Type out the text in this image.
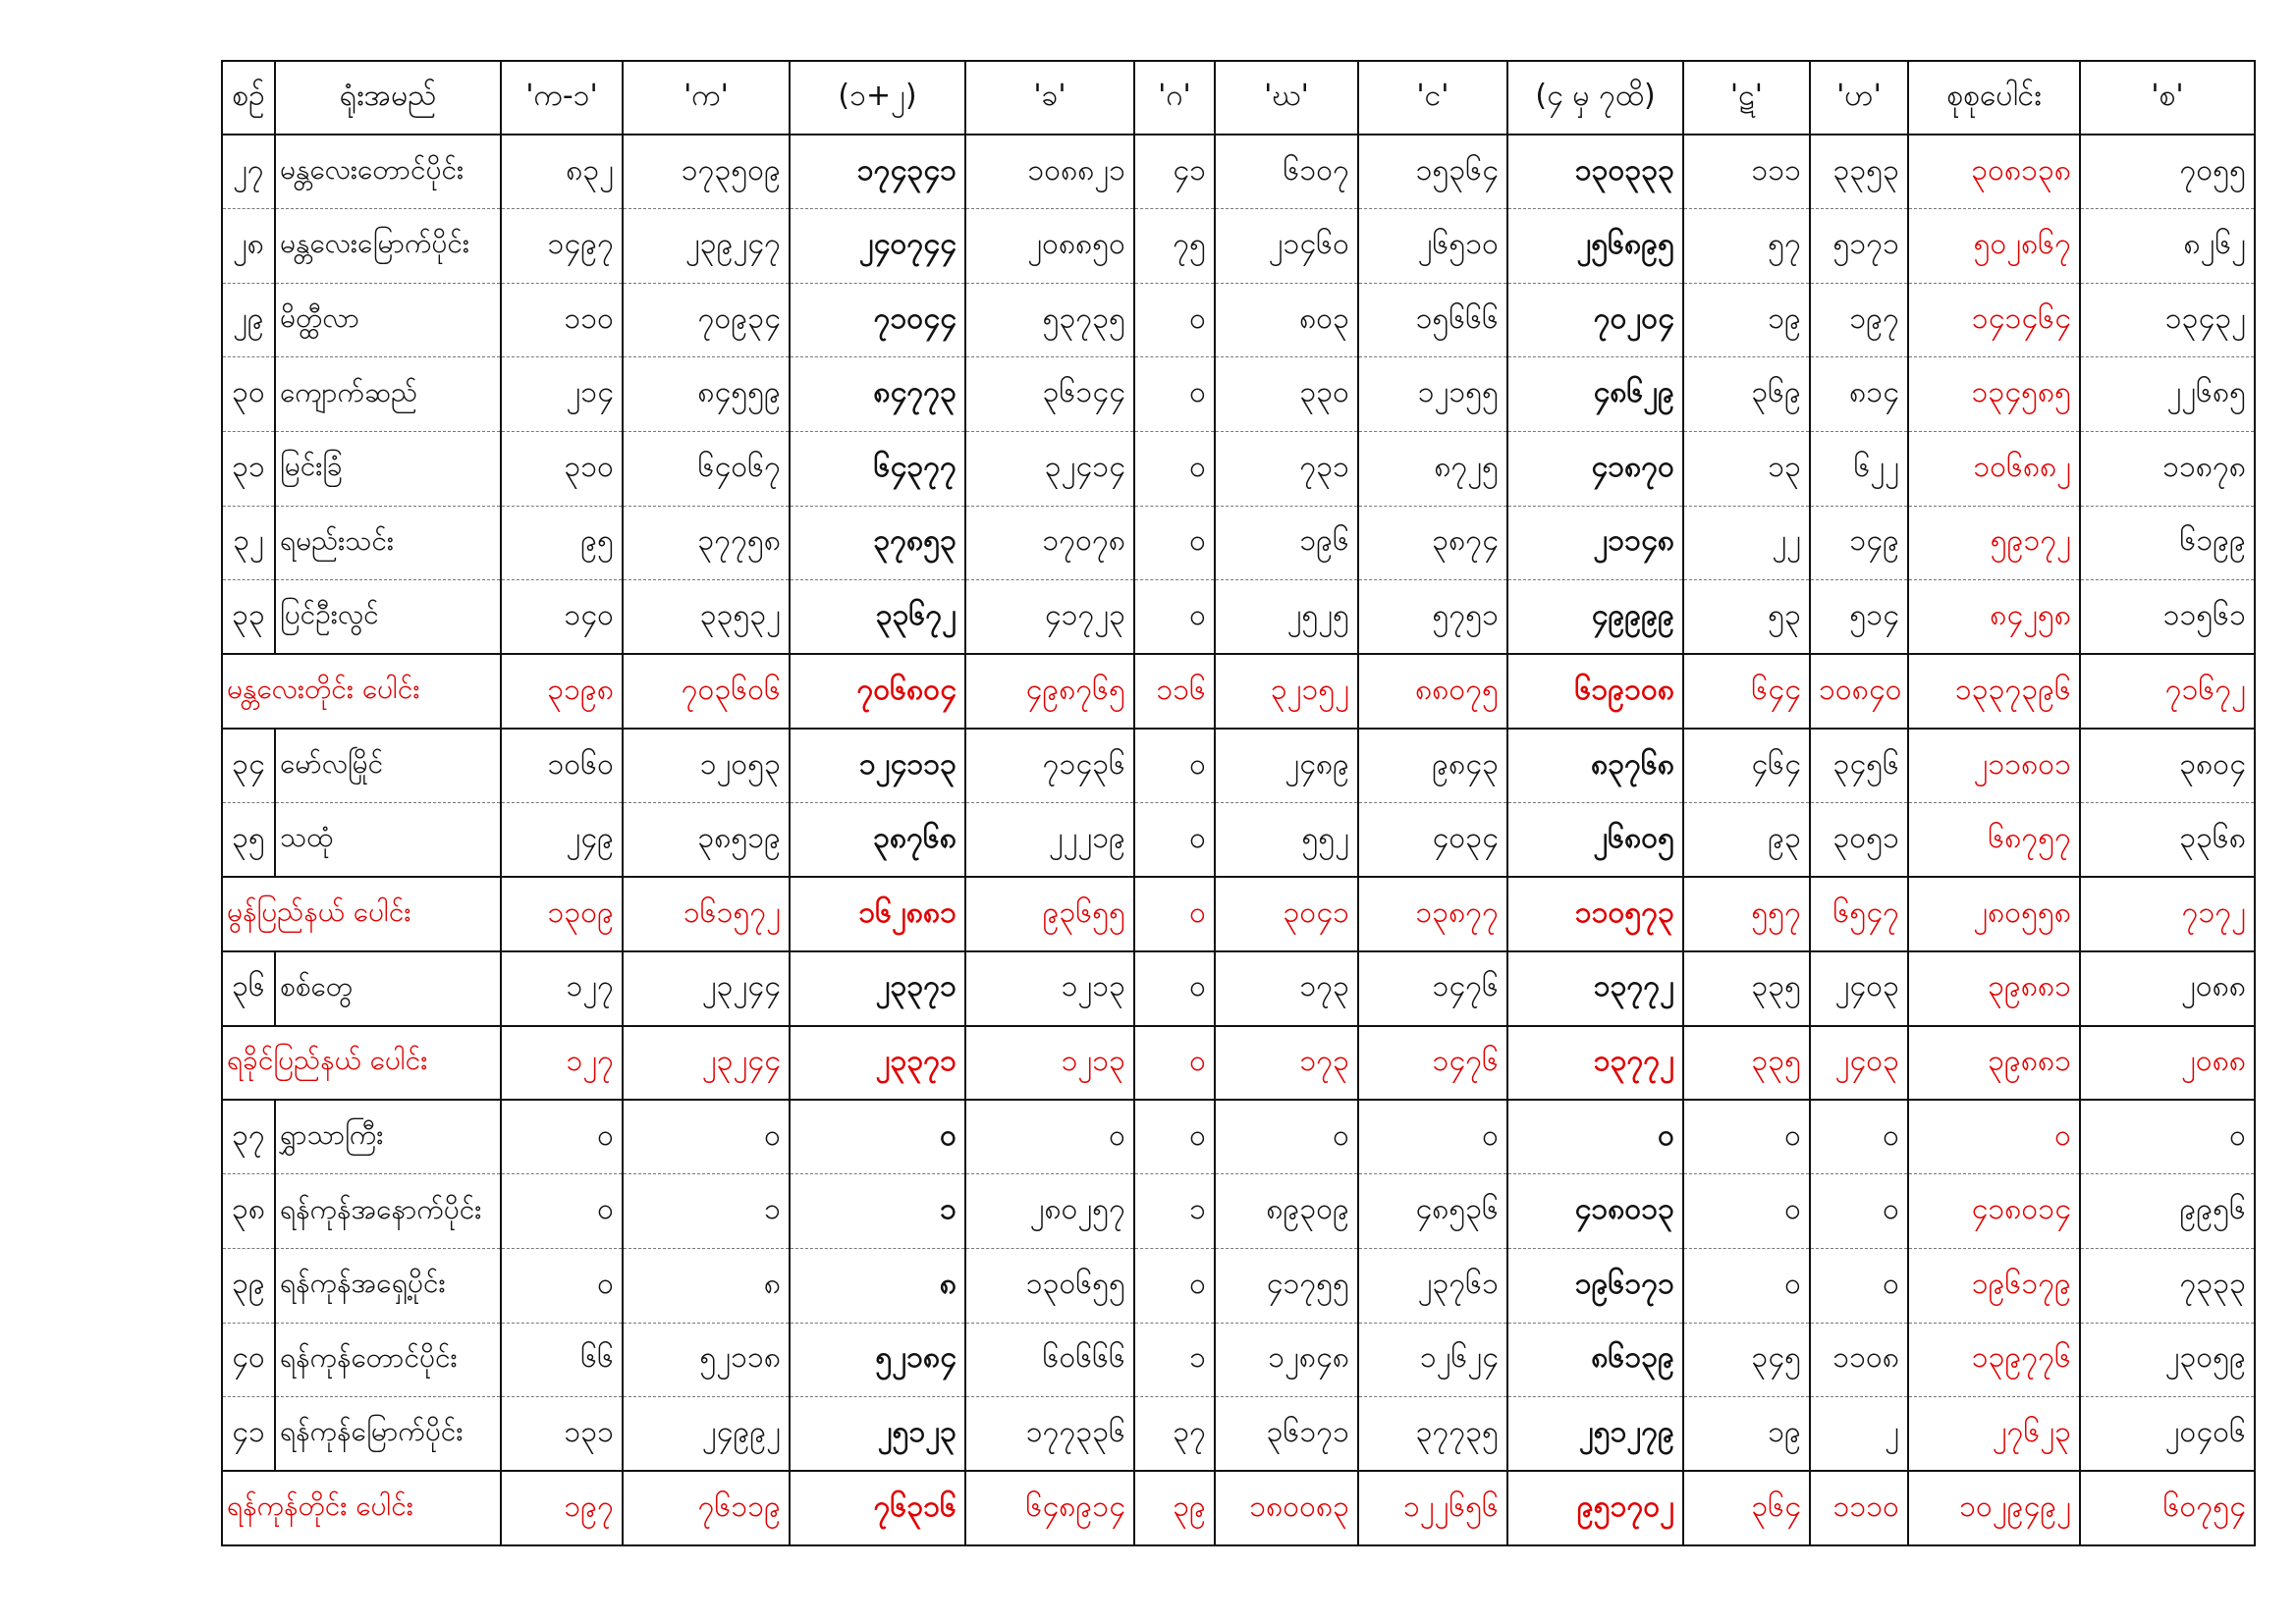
စဉ်	ရုံးအမည်	'က-၁'	'က'	(၁+၂)	'ခ'	'ဂ'	'ဃ'	'င'	(၄ မှ ၇ထိ)	'ဋ'	'ဟ'	စုစုပေါင်း	'စ'
၂၇	မန္တလေးတောင်ပိုင်း	၈၃၂	၁၇၃၅၀၉	၁၇၄၃၄၁	၁၀၈၈၂၁	၄၁	၆၁၀၇	၁၅၃၆၄	၁၃၀၃၃၃	၁၁၁	၃၃၅၃	၃၀၈၁၃၈	၇၀၅၅
၂၈	မန္တလေးမြောက်ပိုင်း	၁၄၉၇	၂၃၉၂၄၇	၂၄၀၇၄၄	၂၀၈၈၅၀	၇၅	၂၁၄၆၀	၂၆၅၁၀	၂၅၆၈၉၅	၅၇	၅၁၇၁	၅၀၂၈၆၇	၈၂၆၂
၂၉	မိတ္ထီလာ	၁၁၀	၇၀၉၃၄	၇၁၀၄၄	၅၃၇၃၅	၀	၈၀၃	၁၅၆၆၆	၇၀၂၀၄	၁၉	၁၉၇	၁၄၁၄၆၄	၁၃၄၃၂
၃၀	ကျောက်ဆည်	၂၁၄	၈၄၅၅၉	၈၄၇၇၃	၃၆၁၄၄	၀	၃၃၀	၁၂၁၅၅	၄၈၆၂၉	၃၆၉	၈၁၄	၁၃၄၅၈၅	၂၂၆၈၅
၃၁	မြင်းခြံ	၃၁၀	၆၄၀၆၇	၆၄၃၇၇	၃၂၄၁၄	၀	၇၃၁	၈၇၂၅	၄၁၈၇၀	၁၃	၆၂၂	၁၀၆၈၈၂	၁၁၈၇၈
၃၂	ရမည်းသင်း	၉၅	၃၇၇၅၈	၃၇၈၅၃	၁၇၀၇၈	၀	၁၉၆	၃၈၇၄	၂၁၁၄၈	၂၂	၁၄၉	၅၉၁၇၂	၆၁၉၉
၃၃	ပြင်ဦးလွင်	၁၄၀	၃၃၅၃၂	၃၃၆၇၂	၄၁၇၂၃	၀	၂၅၂၅	၅၇၅၁	၄၉၉၉၉	၅၃	၅၁၄	၈၄၂၅၈	၁၁၅၆၁
မန္တလေးတိုင်း ပေါင်း		၃၁၉၈	၇၀၃၆၀၆	၇၀၆၈၀၄	၄၉၈၇၆၅	၁၁၆	၃၂၁၅၂	၈၈၀၇၅	၆၁၉၁၀၈	၆၄၄	၁၀၈၄၀	၁၃၃၇၃၉၆	၇၁၆၇၂
၃၄	မော်လမြိုင်	၁၀၆၀	၁၂၀၅၃	၁၂၄၁၁၃	၇၁၄၃၆	၀	၂၄၈၉	၉၈၄၃	၈၃၇၆၈	၄၆၄	၃၄၅၆	၂၁၁၈၀၁	၃၈၀၄
၃၅	သထုံ	၂၄၉	၃၈၅၁၉	၃၈၇၆၈	၂၂၂၁၉	၀	၅၅၂	၄၀၃၄	၂၆၈၀၅	၉၃	၃၀၅၁	၆၈၇၅၇	၃၃၆၈
မွန်ပြည်နယ် ပေါင်း		၁၃၀၉	၁၆၁၅၇၂	၁၆၂၈၈၁	၉၃၆၅၅	၀	၃၀၄၁	၁၃၈၇၇	၁၁၀၅၇၃	၅၅၇	၆၅၄၇	၂၈၀၅၅၈	၇၁၇၂
၃၆	စစ်တွေ	၁၂၇	၂၃၂၄၄	၂၃၃၇၁	၁၂၁၃	၀	၁၇၃	၁၄၇၆	၁၃၇၇၂	၃၃၅	၂၄၀၃	၃၉၈၈၁	၂၀၈၈
ရခိုင်ပြည်နယ် ပေါင်း		၁၂၇	၂၃၂၄၄	၂၃၃၇၁	၁၂၁၃	၀	၁၇၃	၁၄၇၆	၁၃၇၇၂	၃၃၅	၂၄၀၃	၃၉၈၈၁	၂၀၈၈
၃၇	ရွှာသာကြီး	၀	၀	၀	၀	၀	၀	၀	၀	၀	၀	၀	၀
၃၈	ရန်ကုန်အနောက်ပိုင်း	၀	၁	၁	၂၈၀၂၅၇	၁	၈၉၃၀၉	၄၈၅၃၆	၄၁၈၀၁၃	၀	၀	၄၁၈၀၁၄	၉၉၅၆
၃၉	ရန်ကုန်အရှေ့ပိုင်း	၀	၈	၈	၁၃၀၆၅၅	၀	၄၁၇၅၅	၂၃၇၆၁	၁၉၆၁၇၁	၀	၀	၁၉၆၁၇၉	၇၃၃၃
၄၀	ရန်ကုန်တောင်ပိုင်း	၆၆	၅၂၁၁၈	၅၂၁၈၄	၆၀၆၆၆	၁	၁၂၈၄၈	၁၂၆၂၄	၈၆၁၃၉	၃၄၅	၁၁၀၈	၁၃၉၇၇၆	၂၃၀၅၉
၄၁	ရန်ကုန်မြောက်ပိုင်း	၁၃၁	၂၄၉၉၂	၂၅၁၂၃	၁၇၇၃၃၆	၃၇	၃၆၁၇၁	၃၇၇၃၅	၂၅၁၂၇၉	၁၉	၂	၂၇၆၂၃	၂၀၄၀၆
ရန်ကုန်တိုင်း ပေါင်း		၁၉၇	၇၆၁၁၉	၇၆၃၁၆	၆၄၈၉၁၄	၃၉	၁၈၀၀၈၃	၁၂၂၆၅၆	၉၅၁၇၀၂	၃၆၄	၁၁၁၀	၁၀၂၉၄၉၂	၆၀၇၅၄
